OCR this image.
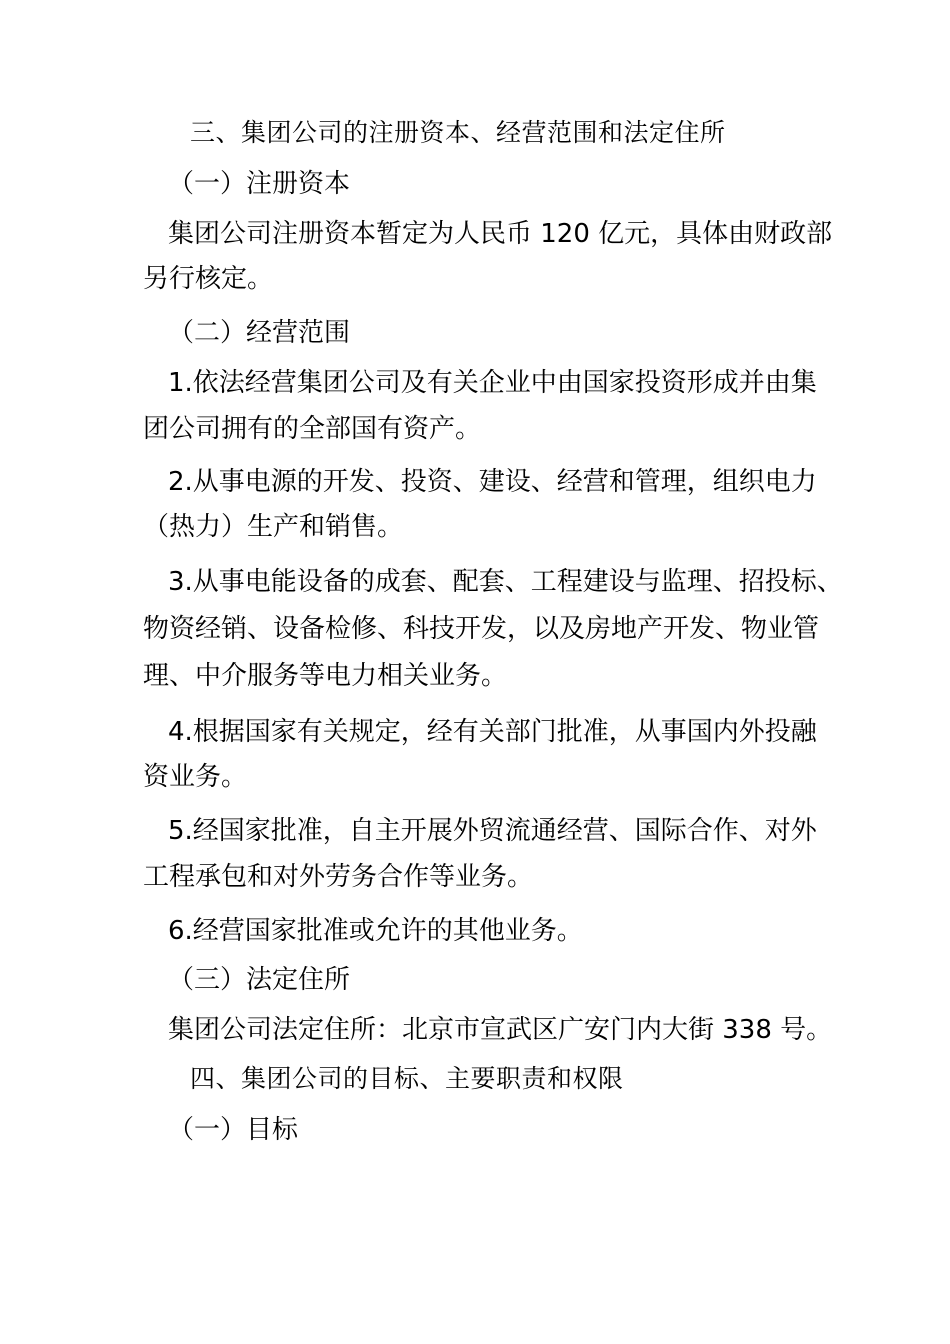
三、集团公司的注册资本、经营范围和法定住所
（一）注册资本
集团公司注册资本暂定为人民币 120 亿元，具体由财政部
另行核定。
（二）经营范围
1.依法经营集团公司及有关企业中由国家投资形成并由集
团公司拥有的全部国有资产。
2.从事电源的开发、投资、建设、经营和管理，组织电力
（热力）生产和销售。
3.从事电能设备的成套、配套、工程建设与监理、招投标、
物资经销、设备检修、科技开发，以及房地产开发、物业管
理、中介服务等电力相关业务。
4.根据国家有关规定，经有关部门批准，从事国内外投融
资业务。
5.经国家批准，自主开展外贸流通经营、国际合作、对外
工程承包和对外劳务合作等业务。
6.经营国家批准或允许的其他业务。
（三）法定住所
集团公司法定住所：北京市宣武区广安门内大街 338 号。
四、集团公司的目标、主要职责和权限
（一）目标
